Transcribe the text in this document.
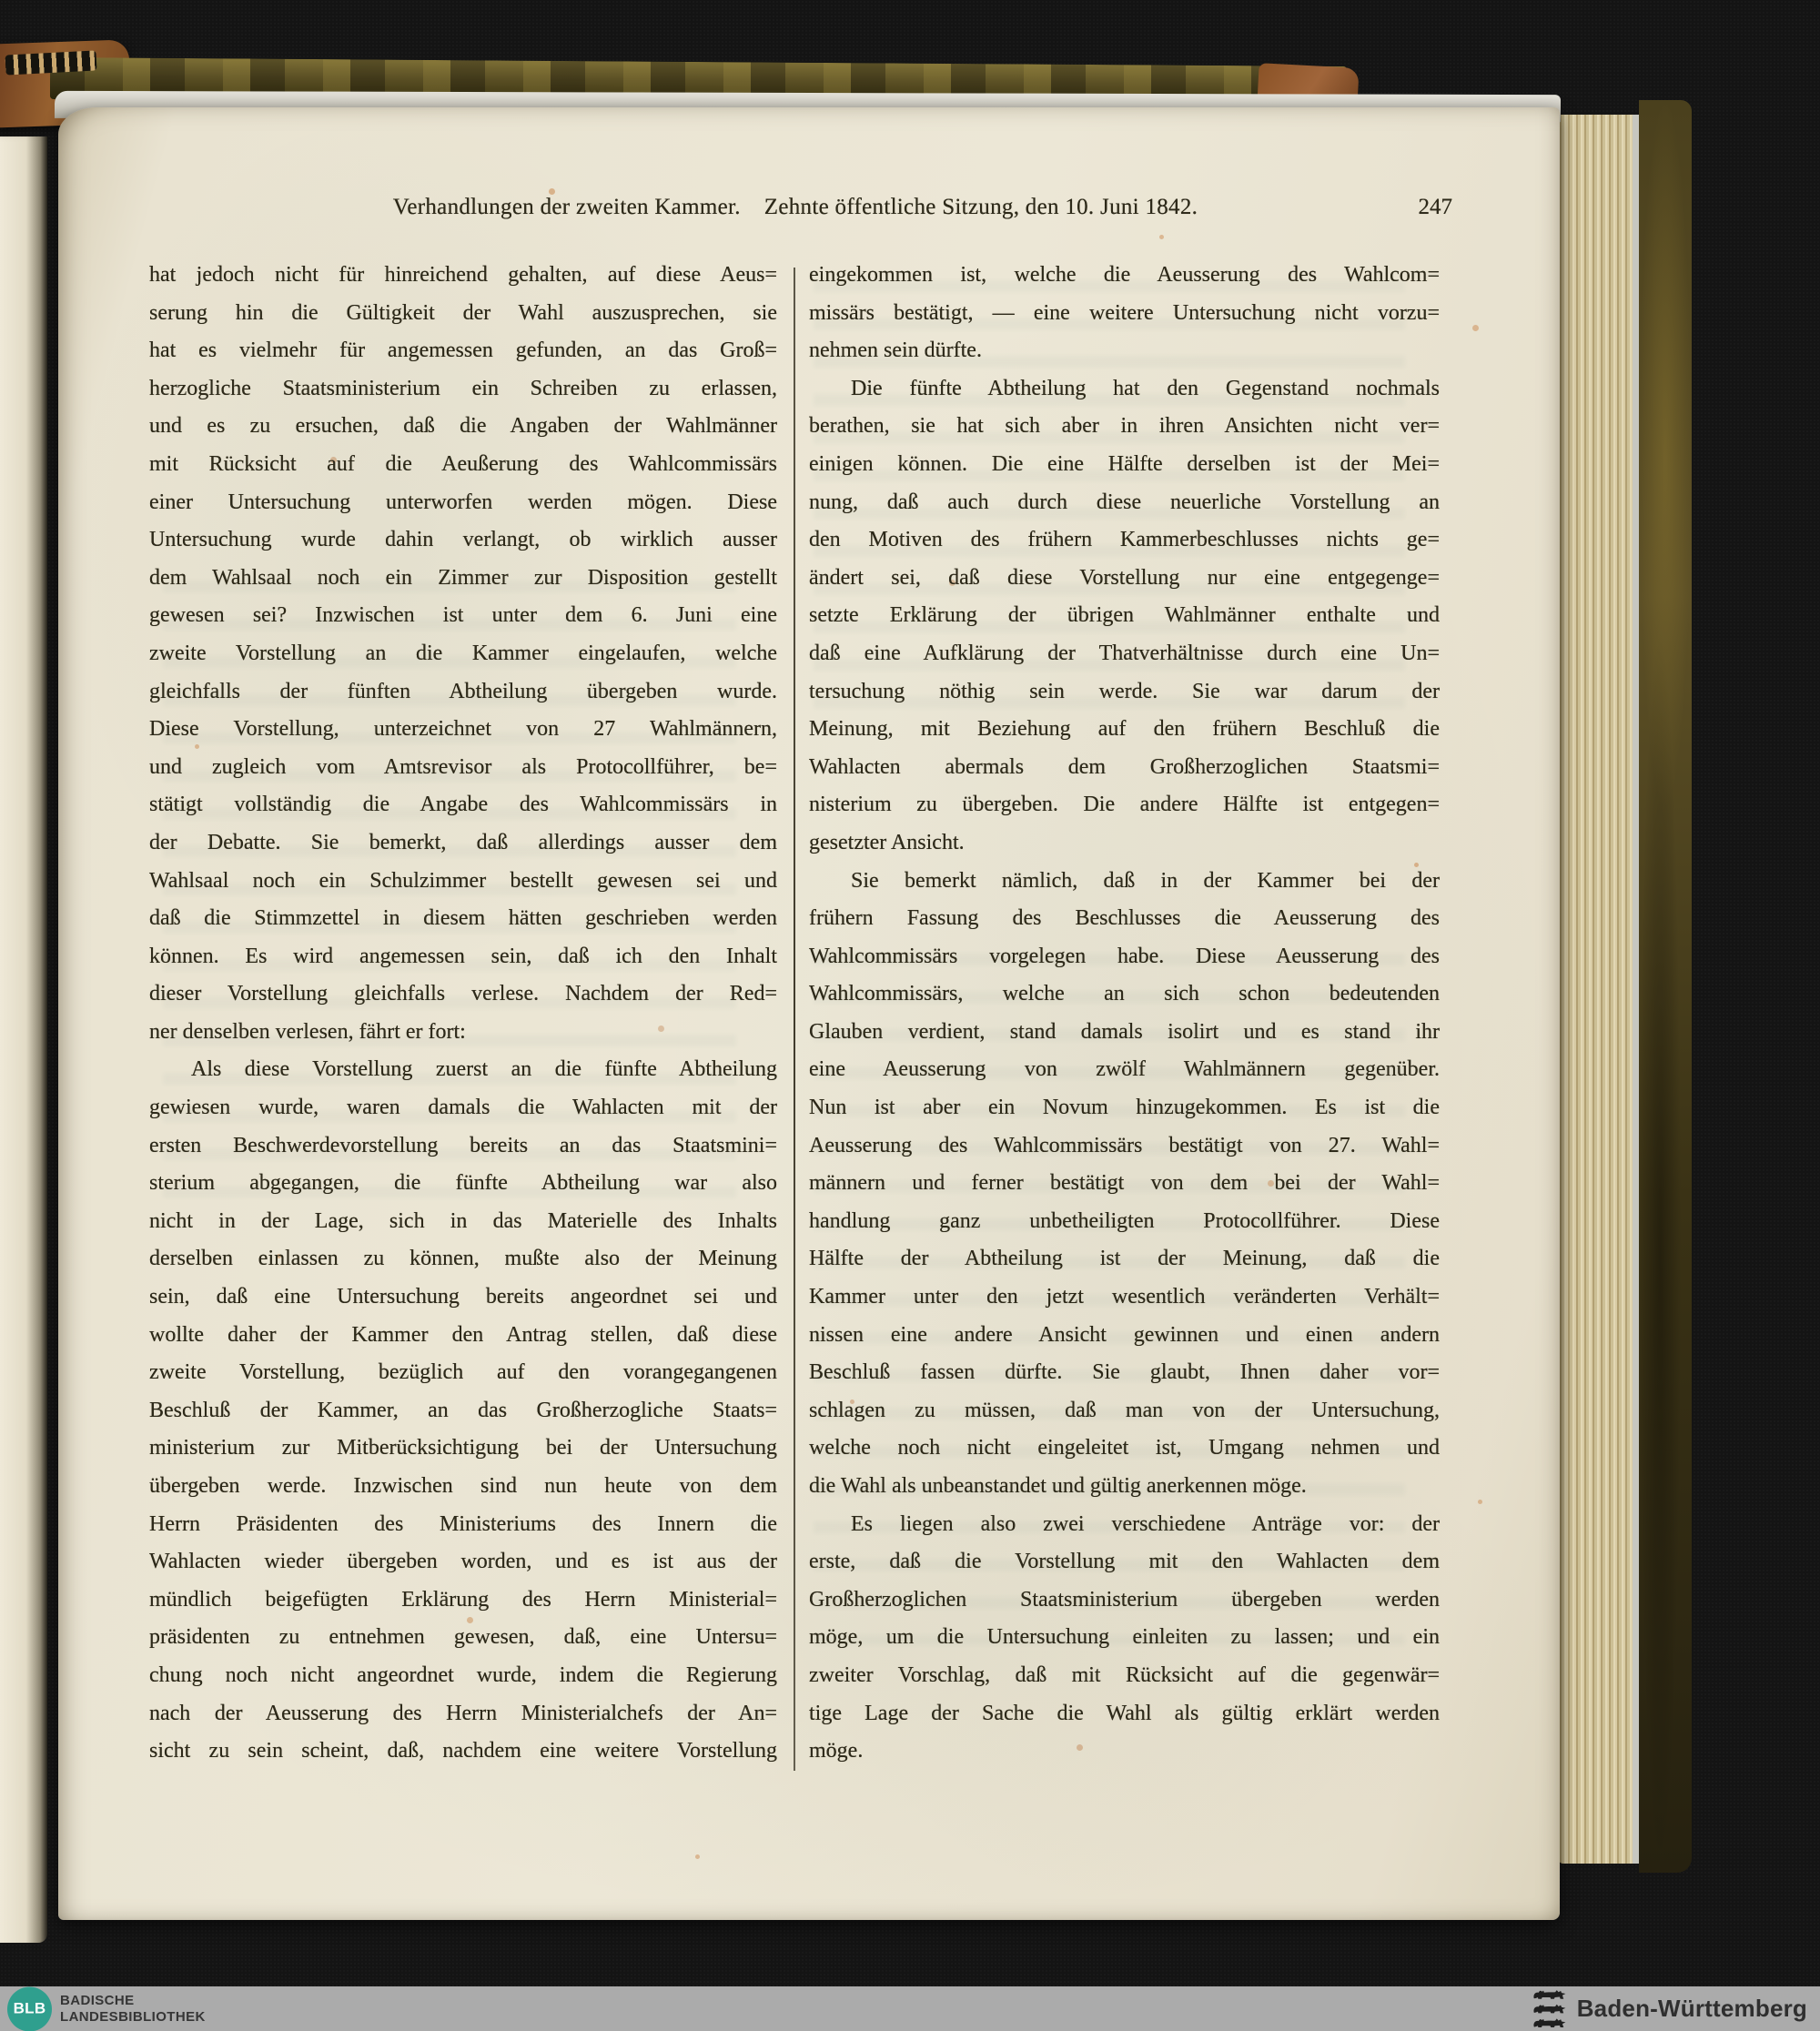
Verhandlungen der zweiten Kammer. Zehnte öffentliche Sitzung, den 10. Juni 1842.	247
hat jedoch nicht für hinreichend gehalten, auf diese Aeus=
serung hin die Gültigkeit der Wahl auszusprechen, sie
hat es vielmehr für angemessen gefunden, an das Groß=
herzogliche Staatsministerium ein Schreiben zu erlassen,
und es zu ersuchen, daß die Angaben der Wahlmänner
mit Rücksicht auf die Aeußerung des Wahlcommissärs
einer Untersuchung unterworfen werden mögen. Diese
Untersuchung wurde dahin verlangt, ob wirklich ausser
dem Wahlsaal noch ein Zimmer zur Disposition gestellt
gewesen sei? Inzwischen ist unter dem 6. Juni eine
zweite Vorstellung an die Kammer eingelaufen, welche
gleichfalls der fünften Abtheilung übergeben wurde.
Diese Vorstellung, unterzeichnet von 27 Wahlmännern,
und zugleich vom Amtsrevisor als Protocollführer, be=
stätigt vollständig die Angabe des Wahlcommissärs in
der Debatte. Sie bemerkt, daß allerdings ausser dem
Wahlsaal noch ein Schulzimmer bestellt gewesen sei und
daß die Stimmzettel in diesem hätten geschrieben werden
können. Es wird angemessen sein, daß ich den Inhalt
dieser Vorstellung gleichfalls verlese. Nachdem der Red=
ner denselben verlesen, fährt er fort:
Als diese Vorstellung zuerst an die fünfte Abtheilung
gewiesen wurde, waren damals die Wahlacten mit der
ersten Beschwerdevorstellung bereits an das Staatsmini=
sterium abgegangen, die fünfte Abtheilung war also
nicht in der Lage, sich in das Materielle des Inhalts
derselben einlassen zu können, mußte also der Meinung
sein, daß eine Untersuchung bereits angeordnet sei und
wollte daher der Kammer den Antrag stellen, daß diese
zweite Vorstellung, bezüglich auf den vorangegangenen
Beschluß der Kammer, an das Großherzogliche Staats=
ministerium zur Mitberücksichtigung bei der Untersuchung
übergeben werde. Inzwischen sind nun heute von dem
Herrn Präsidenten des Ministeriums des Innern die
Wahlacten wieder übergeben worden, und es ist aus der
mündlich beigefügten Erklärung des Herrn Ministerial=
präsidenten zu entnehmen gewesen, daß, eine Untersu=
chung noch nicht angeordnet wurde, indem die Regierung
nach der Aeusserung des Herrn Ministerialchefs der An=
sicht zu sein scheint, daß, nachdem eine weitere Vorstellung
eingekommen ist, welche die Aeusserung des Wahlcom=
missärs bestätigt, — eine weitere Untersuchung nicht vorzu=
nehmen sein dürfte.
Die fünfte Abtheilung hat den Gegenstand nochmals
berathen, sie hat sich aber in ihren Ansichten nicht ver=
einigen können. Die eine Hälfte derselben ist der Mei=
nung, daß auch durch diese neuerliche Vorstellung an
den Motiven des frühern Kammerbeschlusses nichts ge=
ändert sei, daß diese Vorstellung nur eine entgegenge=
setzte Erklärung der übrigen Wahlmänner enthalte und
daß eine Aufklärung der Thatverhältnisse durch eine Un=
tersuchung nöthig sein werde. Sie war darum der
Meinung, mit Beziehung auf den frühern Beschluß die
Wahlacten abermals dem Großherzoglichen Staatsmi=
nisterium zu übergeben. Die andere Hälfte ist entgegen=
gesetzter Ansicht.
Sie bemerkt nämlich, daß in der Kammer bei der
frühern Fassung des Beschlusses die Aeusserung des
Wahlcommissärs vorgelegen habe. Diese Aeusserung des
Wahlcommissärs, welche an sich schon bedeutenden
Glauben verdient, stand damals isolirt und es stand ihr
eine Aeusserung von zwölf Wahlmännern gegenüber.
Nun ist aber ein Novum hinzugekommen. Es ist die
Aeusserung des Wahlcommissärs bestätigt von 27. Wahl=
männern und ferner bestätigt von dem bei der Wahl=
handlung ganz unbetheiligten Protocollführer. Diese
Hälfte der Abtheilung ist der Meinung, daß die
Kammer unter den jetzt wesentlich veränderten Verhält=
nissen eine andere Ansicht gewinnen und einen andern
Beschluß fassen dürfte. Sie glaubt, Ihnen daher vor=
schlagen zu müssen, daß man von der Untersuchung,
welche noch nicht eingeleitet ist, Umgang nehmen und
die Wahl als unbeanstandet und gültig anerkennen möge.
Es liegen also zwei verschiedene Anträge vor: der
erste, daß die Vorstellung mit den Wahlacten dem
Großherzoglichen Staatsministerium übergeben werden
möge, um die Untersuchung einleiten zu lassen; und ein
zweiter Vorschlag, daß mit Rücksicht auf die gegenwär=
tige Lage der Sache die Wahl als gültig erklärt werden
möge.
BLB BADISCHE
LANDESBIBLIOTHEK	Baden-Württemberg
